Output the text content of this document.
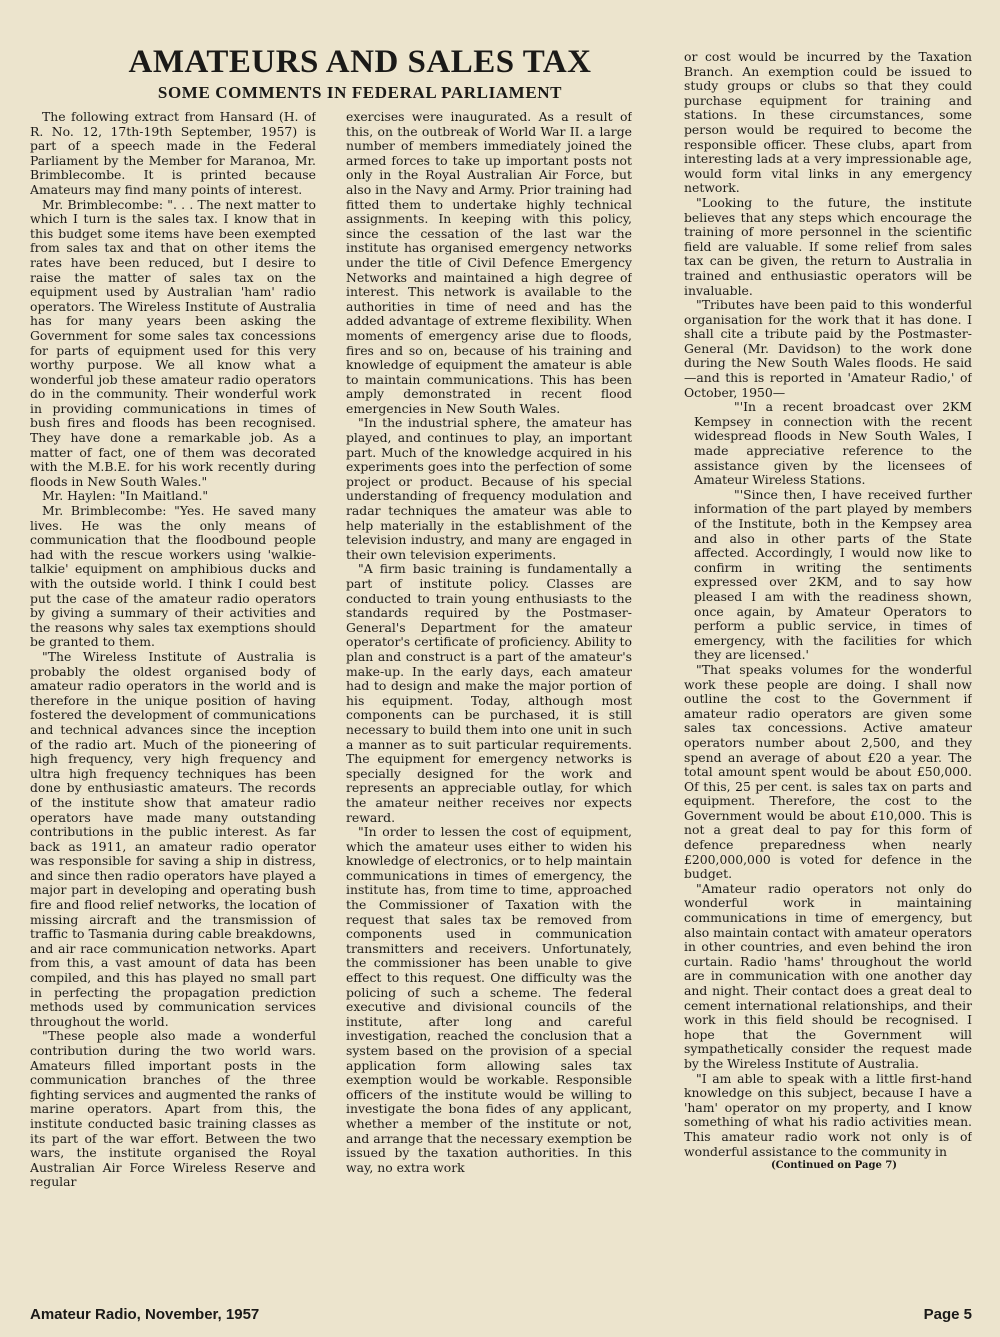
AMATEURS AND SALES TAX
SOME COMMENTS IN FEDERAL PARLIAMENT

The following extract from Hansard (H. of R. No. 12, 17th-19th September, 1957) is part of a speech made in the Federal Parliament by the Member for Maranoa, Mr. Brimblecombe. It is printed because Amateurs may find many points of interest.

Mr. Brimblecombe: ". . . The next matter to which I turn is the sales tax. I know that in this budget some items have been exempted from sales tax and that on other items the rates have been reduced, but I desire to raise the matter of sales tax on the equipment used by Australian 'ham' radio operators. The Wireless Institute of Australia has for many years been asking the Government for some sales tax concessions for parts of equipment used for this very worthy purpose. We all know what a wonderful job these amateur radio operators do in the community. Their wonderful work in providing communications in times of bush fires and floods has been recognised. They have done a remarkable job. As a matter of fact, one of them was decorated with the M.B.E. for his work recently during floods in New South Wales."

Mr. Haylen: "In Maitland."

Mr. Brimblecombe: "Yes. He saved many lives. He was the only means of communication that the floodbound people had with the rescue workers using 'walkie-talkie' equipment on amphibious ducks and with the outside world. I think I could best put the case of the amateur radio operators by giving a summary of their activities and the reasons why sales tax exemptions should be granted to them.

"The Wireless Institute of Australia is probably the oldest organised body of amateur radio operators in the world and is therefore in the unique position of having fostered the development of communications and technical advances since the inception of the radio art. Much of the pioneering of high frequency, very high frequency and ultra high frequency techniques has been done by enthusiastic amateurs. The records of the institute show that amateur radio operators have made many outstanding contributions in the public interest. As far back as 1911, an amateur radio operator was responsible for saving a ship in distress, and since then radio operators have played a major part in developing and operating bush fire and flood relief networks, the location of missing aircraft and the transmission of traffic to Tasmania during cable breakdowns, and air race communication networks. Apart from this, a vast amount of data has been compiled, and this has played no small part in perfecting the propagation prediction methods used by communication services throughout the world.

"These people also made a wonderful contribution during the two world wars. Amateurs filled important posts in the communication branches of the three fighting services and augmented the ranks of marine operators. Apart from this, the institute conducted basic training classes as its part of the war effort. Between the two wars, the institute organised the Royal Australian Air Force Wireless Reserve and regular

exercises were inaugurated. As a result of this, on the outbreak of World War II. a large number of members immediately joined the armed forces to take up important posts not only in the Royal Australian Air Force, but also in the Navy and Army. Prior training had fitted them to undertake highly technical assignments. In keeping with this policy, since the cessation of the last war the institute has organised emergency networks under the title of Civil Defence Emergency Networks and maintained a high degree of interest. This network is available to the authorities in time of need and has the added advantage of extreme flexibility. When moments of emergency arise due to floods, fires and so on, because of his training and knowledge of equipment the amateur is able to maintain communications. This has been amply demonstrated in recent flood emergencies in New South Wales.

"In the industrial sphere, the amateur has played, and continues to play, an important part. Much of the knowledge acquired in his experiments goes into the perfection of some project or product. Because of his special understanding of frequency modulation and radar techniques the amateur was able to help materially in the establishment of the television industry, and many are engaged in their own television experiments.

"A firm basic training is fundamentally a part of institute policy. Classes are conducted to train young enthusiasts to the standards required by the Postmaser-General's Department for the amateur operator's certificate of proficiency. Ability to plan and construct is a part of the amateur's make-up. In the early days, each amateur had to design and make the major portion of his equipment. Today, although most components can be purchased, it is still necessary to build them into one unit in such a manner as to suit particular requirements. The equipment for emergency networks is specially designed for the work and represents an appreciable outlay, for which the amateur neither receives nor expects reward.

"In order to lessen the cost of equipment, which the amateur uses either to widen his knowledge of electronics, or to help maintain communications in times of emergency, the institute has, from time to time, approached the Commissioner of Taxation with the request that sales tax be removed from components used in communication transmitters and receivers. Unfortunately, the commissioner has been unable to give effect to this request. One difficulty was the policing of such a scheme. The federal executive and divisional councils of the institute, after long and careful investigation, reached the conclusion that a system based on the provision of a special application form allowing sales tax exemption would be workable. Responsible officers of the institute would be willing to investigate the bona fides of any applicant, whether a member of the institute or not, and arrange that the necessary exemption be issued by the taxation authorities. In this way, no extra work

or cost would be incurred by the Taxation Branch. An exemption could be issued to study groups or clubs so that they could purchase equipment for training and stations. In these circumstances, some person would be required to become the responsible officer. These clubs, apart from interesting lads at a very impressionable age, would form vital links in any emergency network.

"Looking to the future, the institute believes that any steps which encourage the training of more personnel in the scientific field are valuable. If some relief from sales tax can be given, the return to Australia in trained and enthusiastic operators will be invaluable.

"Tributes have been paid to this wonderful organisation for the work that it has done. I shall cite a tribute paid by the Postmaster-General (Mr. Davidson) to the work done during the New South Wales floods. He said—and this is reported in 'Amateur Radio,' of October, 1950—

"'In a recent broadcast over 2KM Kempsey in connection with the recent widespread floods in New South Wales, I made appreciative reference to the assistance given by the licensees of Amateur Wireless Stations.

"'Since then, I have received further information of the part played by members of the Institute, both in the Kempsey area and also in other parts of the State affected. Accordingly, I would now like to confirm in writing the sentiments expressed over 2KM, and to say how pleased I am with the readiness shown, once again, by Amateur Operators to perform a public service, in times of emergency, with the facilities for which they are licensed.'

"That speaks volumes for the wonderful work these people are doing. I shall now outline the cost to the Government if amateur radio operators are given some sales tax concessions. Active amateur operators number about 2,500, and they spend an average of about £20 a year. The total amount spent would be about £50,000. Of this, 25 per cent. is sales tax on parts and equipment. Therefore, the cost to the Government would be about £10,000. This is not a great deal to pay for this form of defence preparedness when nearly £200,000,000 is voted for defence in the budget.

"Amateur radio operators not only do wonderful work in maintaining communications in time of emergency, but also maintain contact with amateur operators in other countries, and even behind the iron curtain. Radio 'hams' throughout the world are in communication with one another day and night. Their contact does a great deal to cement international relationships, and their work in this field should be recognised. I hope that the Government will sympathetically consider the request made by the Wireless Institute of Australia.

"I am able to speak with a little first-hand knowledge on this subject, because I have a 'ham' operator on my property, and I know something of what his radio activities mean. This amateur radio work not only is of wonderful assistance to the community in

(Continued on Page 7)

Amateur Radio, November, 1957	Page 5
